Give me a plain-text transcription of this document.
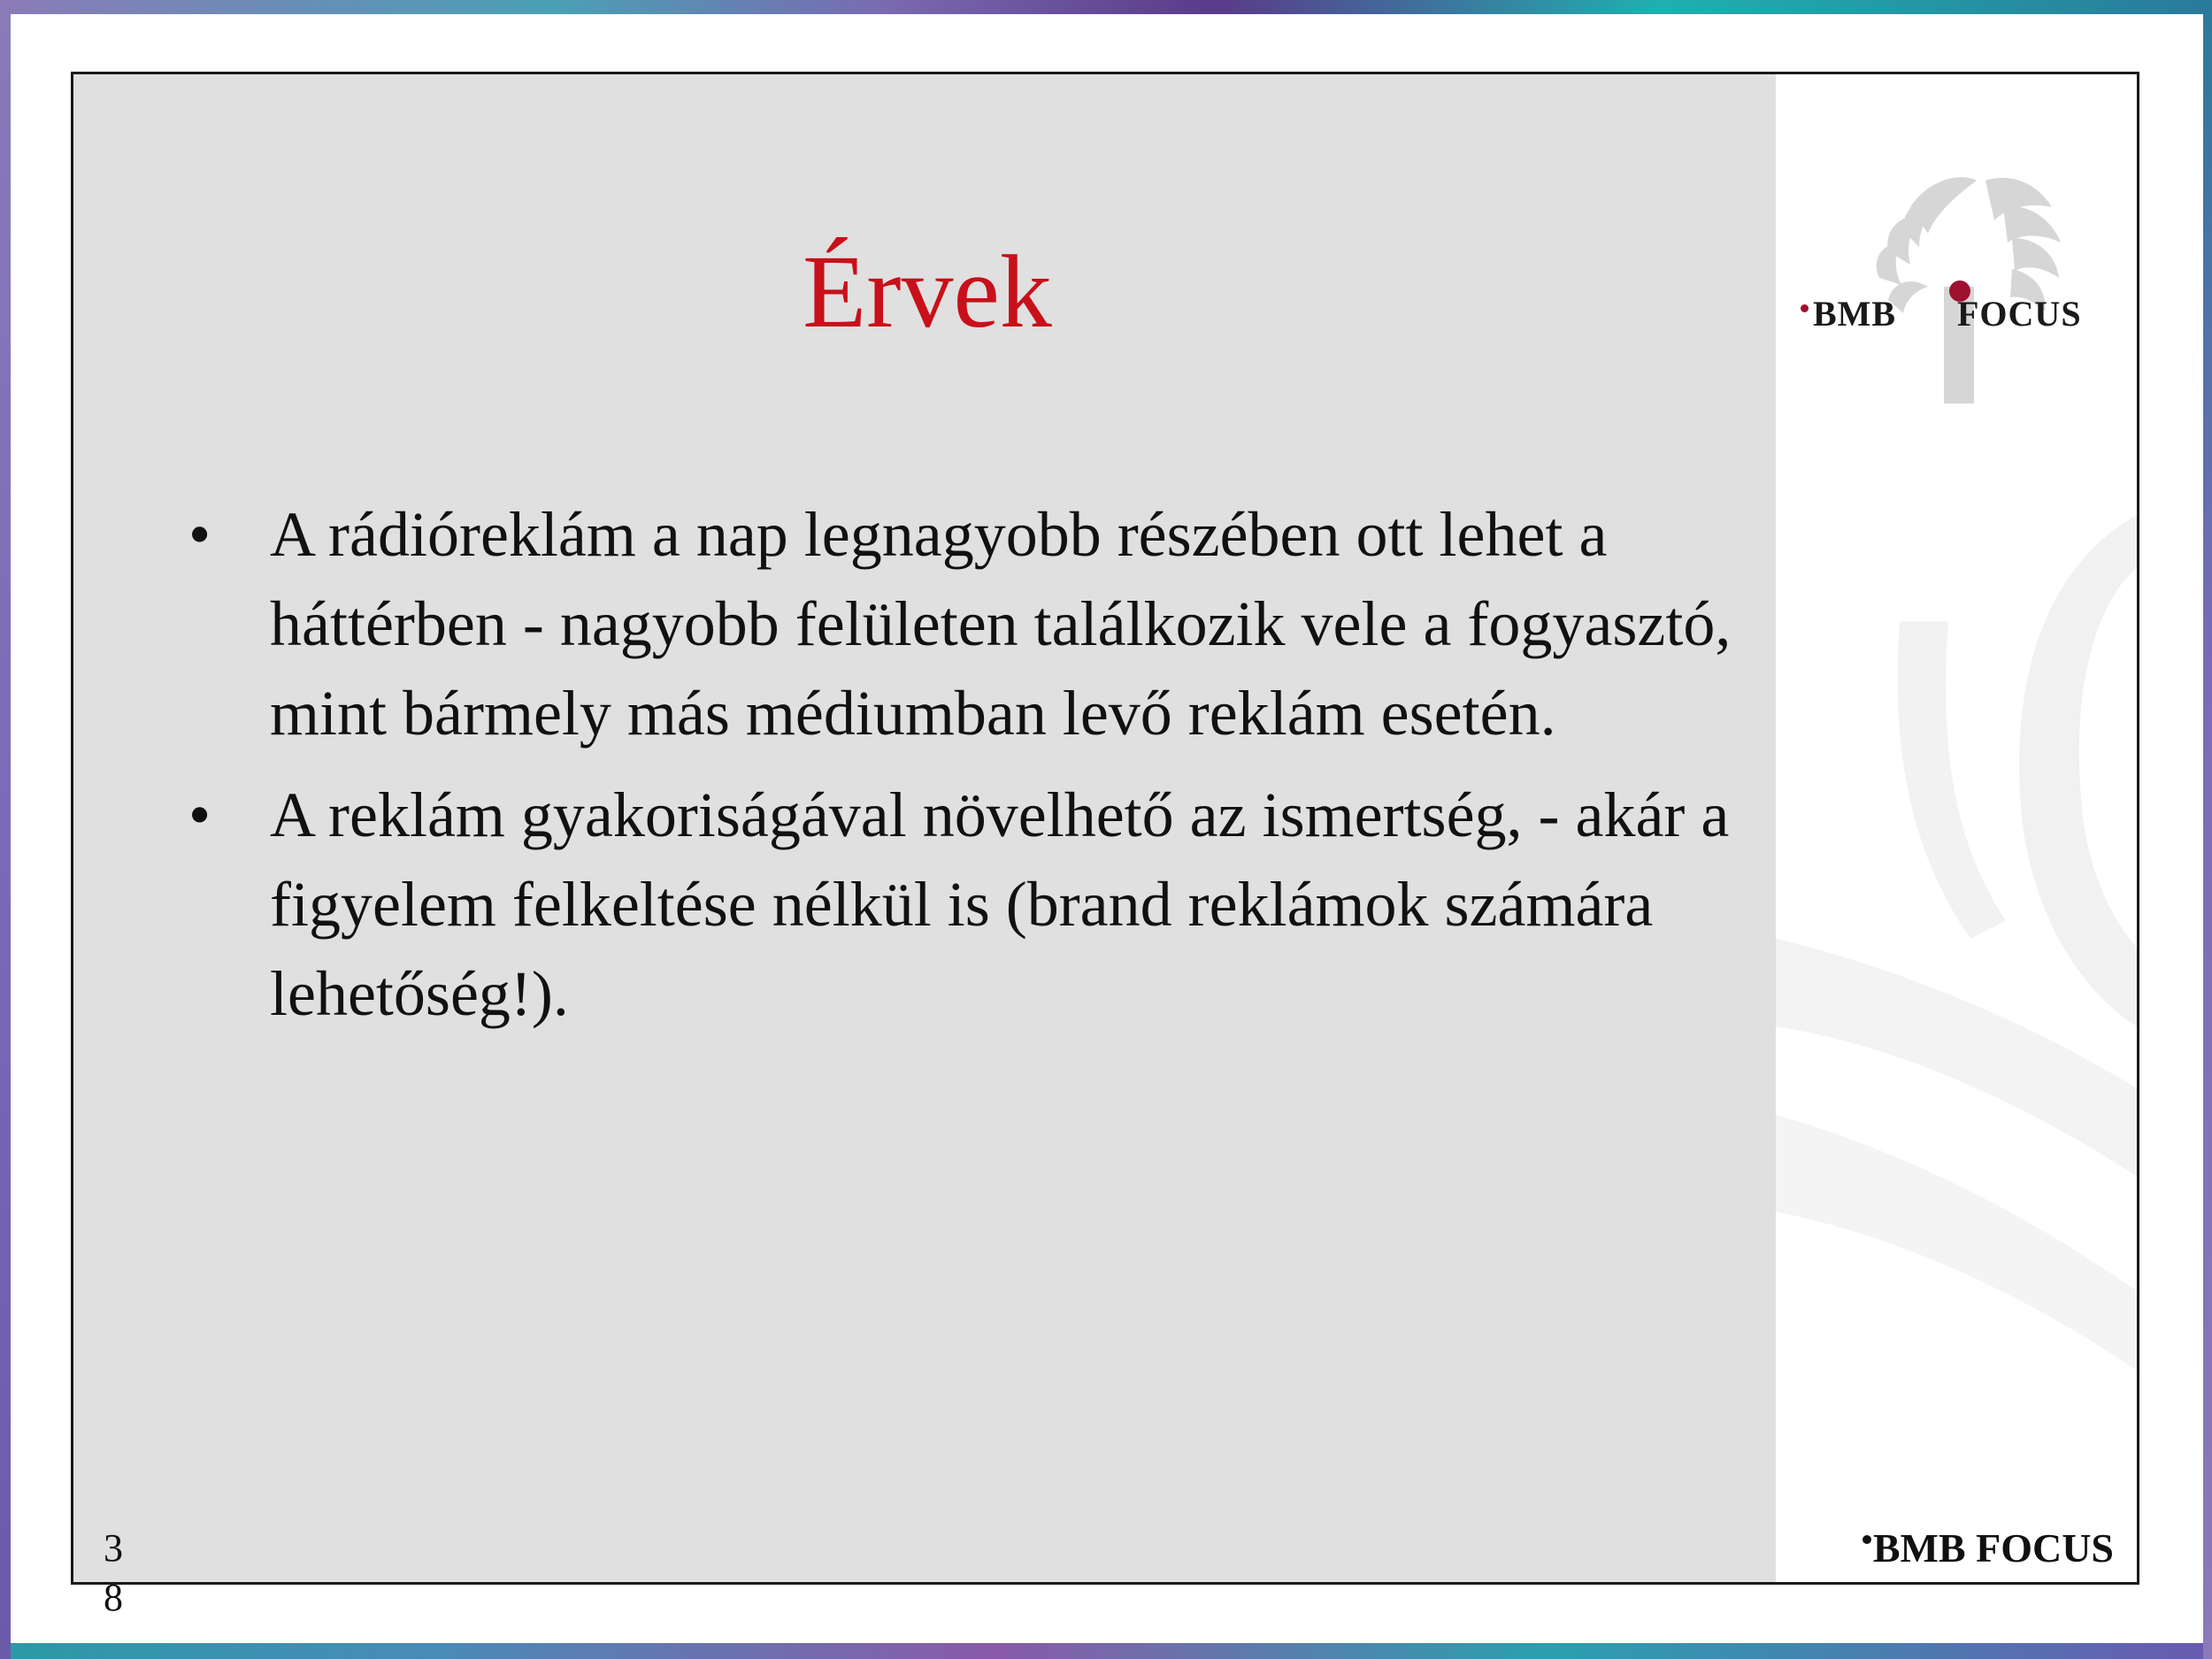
BMB FOCUS
BMB FOCUS
Érvek
• A rádióreklám a nap legnagyobb részében ott lehet a háttérben - nagyobb felületen találkozik vele a fogyasztó, mint bármely más médiumban levő reklám esetén.
• A reklám gyakoriságával növelhető az ismertség, - akár a figyelem felkeltése nélkül is (brand reklámok számára lehetőség!).
3
8
